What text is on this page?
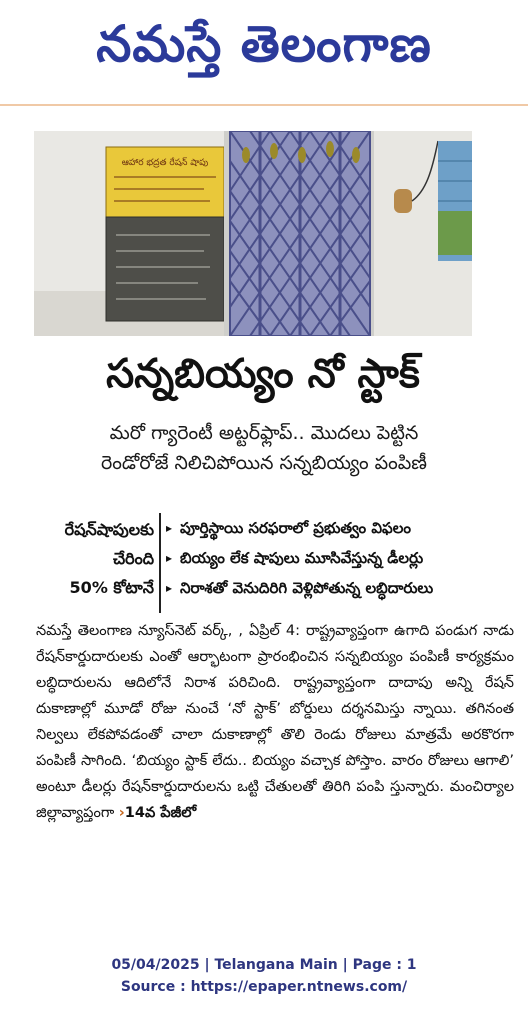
నమస్తే తెలంగాణ
ఆహార భద్రత రేషన్ షాపు
సన్నబియ్యం నో స్టాక్
మరో గ్యారెంటీ అట్టర్‌ఫ్లాప్.. మొదలు పెట్టిన
రెండోరోజే నిలిచిపోయిన సన్నబియ్యం పంపిణీ
రేషన్‌షాపులకు
చేరింది
50% కోటానే
▸ పూర్తిస్థాయి సరఫరాలో ప్రభుత్వం విఫలం
▸ బియ్యం లేక షాపులు మూసివేస్తున్న డీలర్లు
▸ నిరాశతో వెనుదిరిగి వెళ్లిపోతున్న లబ్ధిదారులు
నమస్తే తెలంగాణ న్యూస్‌నెట్ వర్క్, , ఏప్రిల్ 4: రాష్ట్రవ్యాప్తంగా ఉగాది పండుగ నాడు రేషన్‌కార్డుదారులకు ఎంతో ఆర్భాటంగా ప్రారంభించిన సన్నబియ్యం పంపిణీ కార్యక్రమం లబ్ధిదారులను ఆదిలోనే నిరాశ పరిచింది. రాష్ట్రవ్యాప్తంగా దాదాపు అన్ని రేషన్ దుకాణాల్లో మూడో రోజు నుంచే ‘నో స్టాక్’ బోర్డులు దర్శనమిస్తు న్నాయి. తగినంత నిల్వలు లేకపోవడంతో చాలా దుకాణాల్లో తొలి రెండు రోజులు మాత్రమే అరకొరగా పంపిణీ సాగింది. ‘బియ్యం స్టాక్ లేదు.. బియ్యం వచ్చాక పోస్తాం. వారం రోజులు ఆగాలి’ అంటూ డీలర్లు రేషన్‌కార్డుదారులను ఒట్టి చేతులతో తిరిగి పంపి స్తున్నారు. మంచిర్యాల జిల్లావ్యాప్తంగా ›14వ పేజీలో
05/04/2025 | Telangana Main | Page : 1
Source : https://epaper.ntnews.com/
